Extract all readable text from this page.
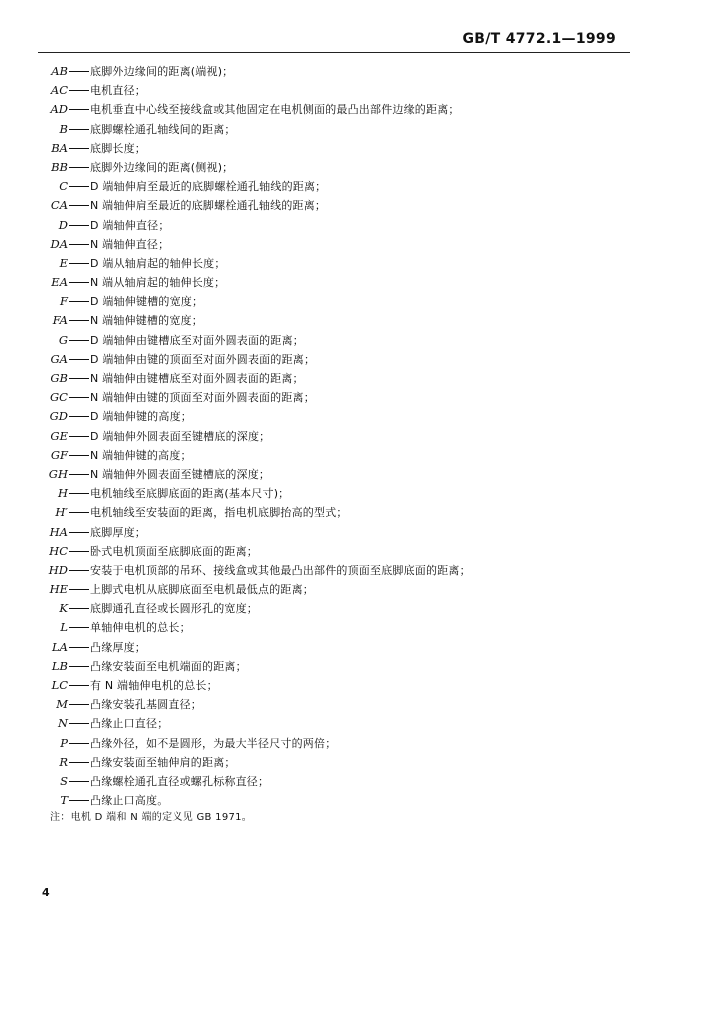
GB/T 4772.1—1999
AB 底脚外边缘间的距离(端视)；
AC 电机直径；
AD 电机垂直中心线至接线盒或其他固定在电机侧面的最凸出部件边缘的距离；
B 底脚螺栓通孔轴线间的距离；
BA 底脚长度；
BB 底脚外边缘间的距离(侧视)；
C D 端轴伸肩至最近的底脚螺栓通孔轴线的距离；
CA N 端轴伸肩至最近的底脚螺栓通孔轴线的距离；
D D 端轴伸直径；
DA N 端轴伸直径；
E D 端从轴肩起的轴伸长度；
EA N 端从轴肩起的轴伸长度；
F D 端轴伸键槽的宽度；
FA N 端轴伸键槽的宽度；
G D 端轴伸由键槽底至对面外圆表面的距离；
GA D 端轴伸由键的顶面至对面外圆表面的距离；
GB N 端轴伸由键槽底至对面外圆表面的距离；
GC N 端轴伸由键的顶面至对面外圆表面的距离；
GD D 端轴伸键的高度；
GE D 端轴伸外圆表面至键槽底的深度；
GF N 端轴伸键的高度；
GH N 端轴伸外圆表面至键槽底的深度；
H 电机轴线至底脚底面的距离(基本尺寸)；
H′ 电机轴线至安装面的距离，指电机底脚抬高的型式；
HA 底脚厚度；
HC 卧式电机顶面至底脚底面的距离；
HD 安装于电机顶部的吊环、接线盒或其他最凸出部件的顶面至底脚底面的距离；
HE 上脚式电机从底脚底面至电机最低点的距离；
K 底脚通孔直径或长圆形孔的宽度；
L 单轴伸电机的总长；
LA 凸缘厚度；
LB 凸缘安装面至电机端面的距离；
LC 有 N 端轴伸电机的总长；
M 凸缘安装孔基圆直径；
N 凸缘止口直径；
P 凸缘外径，如不是圆形，为最大半径尺寸的两倍；
R 凸缘安装面至轴伸肩的距离；
S 凸缘螺栓通孔直径或螺孔标称直径；
T 凸缘止口高度。
注：电机 D 端和 N 端的定义见 GB 1971。
4
